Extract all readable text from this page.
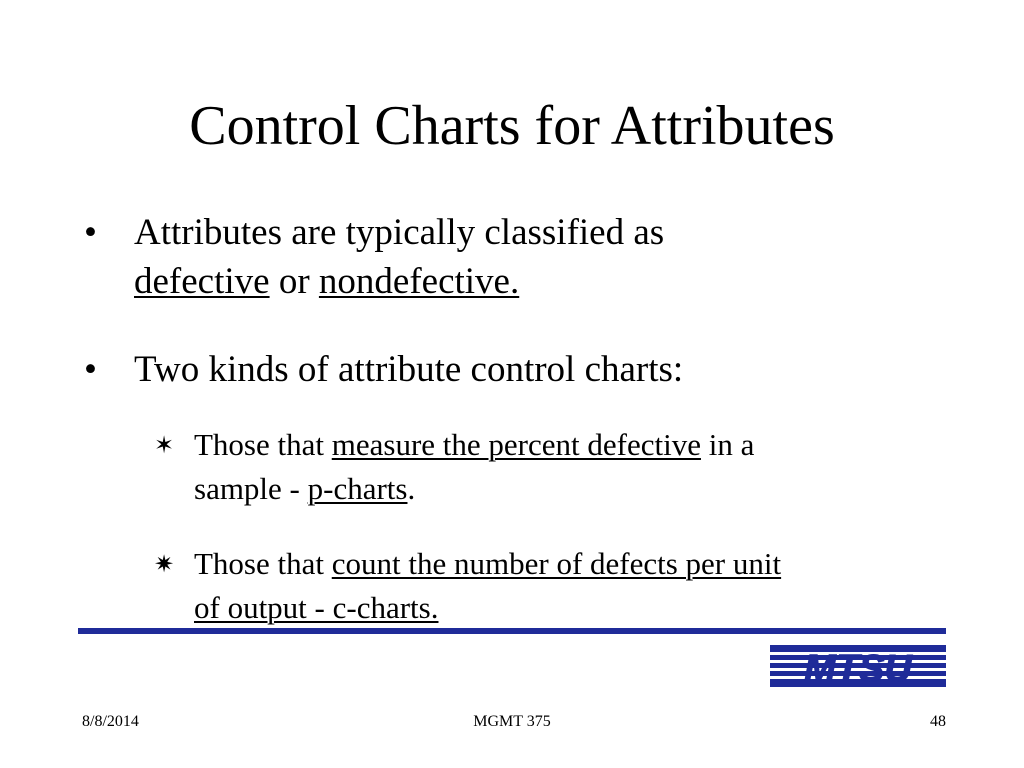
Control Charts for Attributes
• Attributes are typically classified as
defective or nondefective.
• Two kinds of attribute control charts:
✶ Those that measure the percent defective in a
sample - p-charts.
✷ Those that count the number of defects per unit
of output - c-charts.
MTSU
8/8/2014	MGMT 375	48
